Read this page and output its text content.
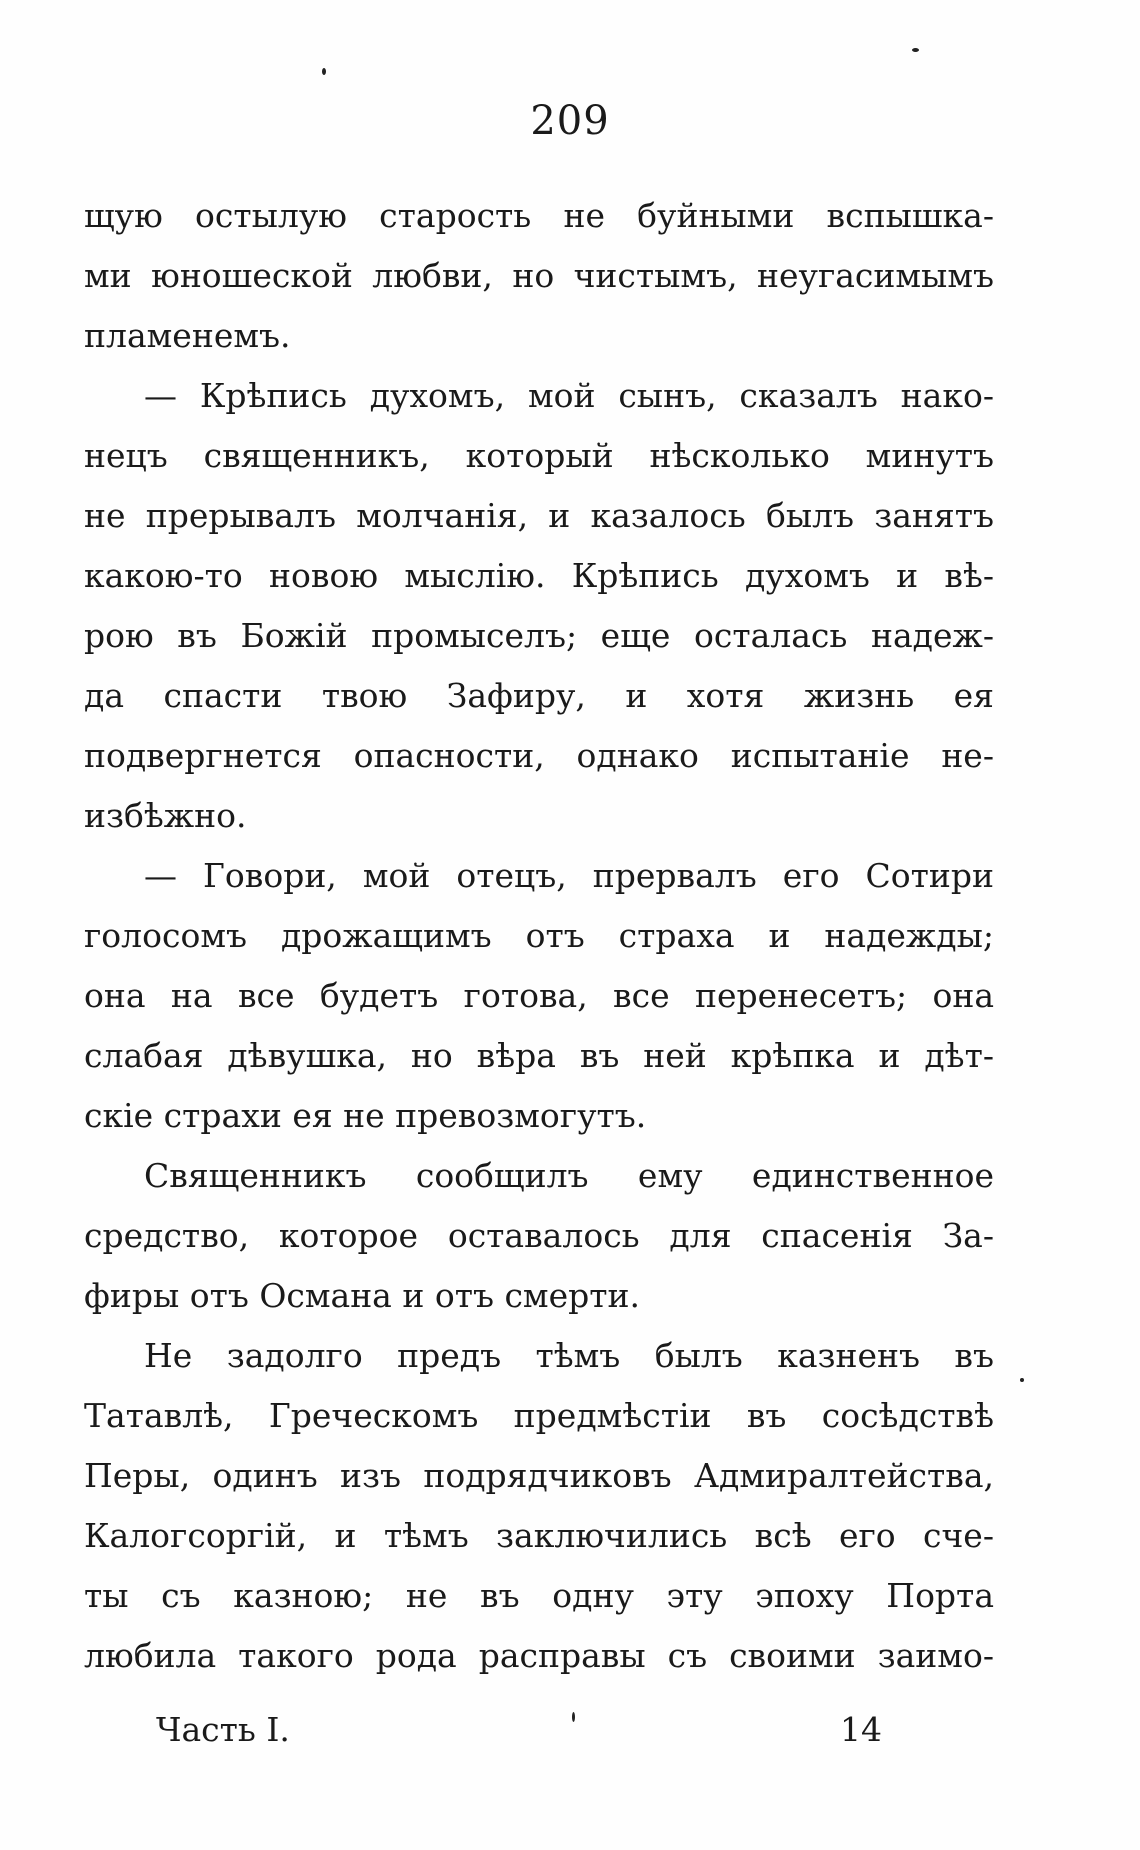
209
щую остылую старость не буйными вспышка-
ми юношеской любви, но чистымъ, неугасимымъ
пламенемъ.
— Крѣпись духомъ, мой сынъ, сказалъ нако-
нецъ священникъ, который нѣсколько минутъ
не прерывалъ молчанія, и казалось былъ занятъ
какою-то новою мыслію. Крѣпись духомъ и вѣ-
рою въ Божій промыселъ; еще осталась надеж-
да спасти твою Зафиру, и хотя жизнь ея
подвергнется опасности, однако испытаніе не-
избѣжно.
— Говори, мой отецъ, прервалъ его Сотири
голосомъ дрожащимъ отъ страха и надежды;
она на все будетъ готова, все перенесетъ; она
слабая дѣвушка, но вѣра въ ней крѣпка и дѣт-
скіе страхи ея не превозмогутъ.
Священникъ сообщилъ ему единственное
средство, которое оставалось для спасенія За-
фиры отъ Османа и отъ смерти.
Не задолго предъ тѣмъ былъ казненъ въ
Татавлѣ, Греческомъ предмѣстіи въ сосѣдствѣ
Перы, одинъ изъ подрядчиковъ Адмиралтейства,
Калогсоргій, и тѣмъ заключились всѣ его сче-
ты съ казною; не въ одну эту эпоху Порта
любила такого рода расправы съ своими заимо-
Часть I.	14
